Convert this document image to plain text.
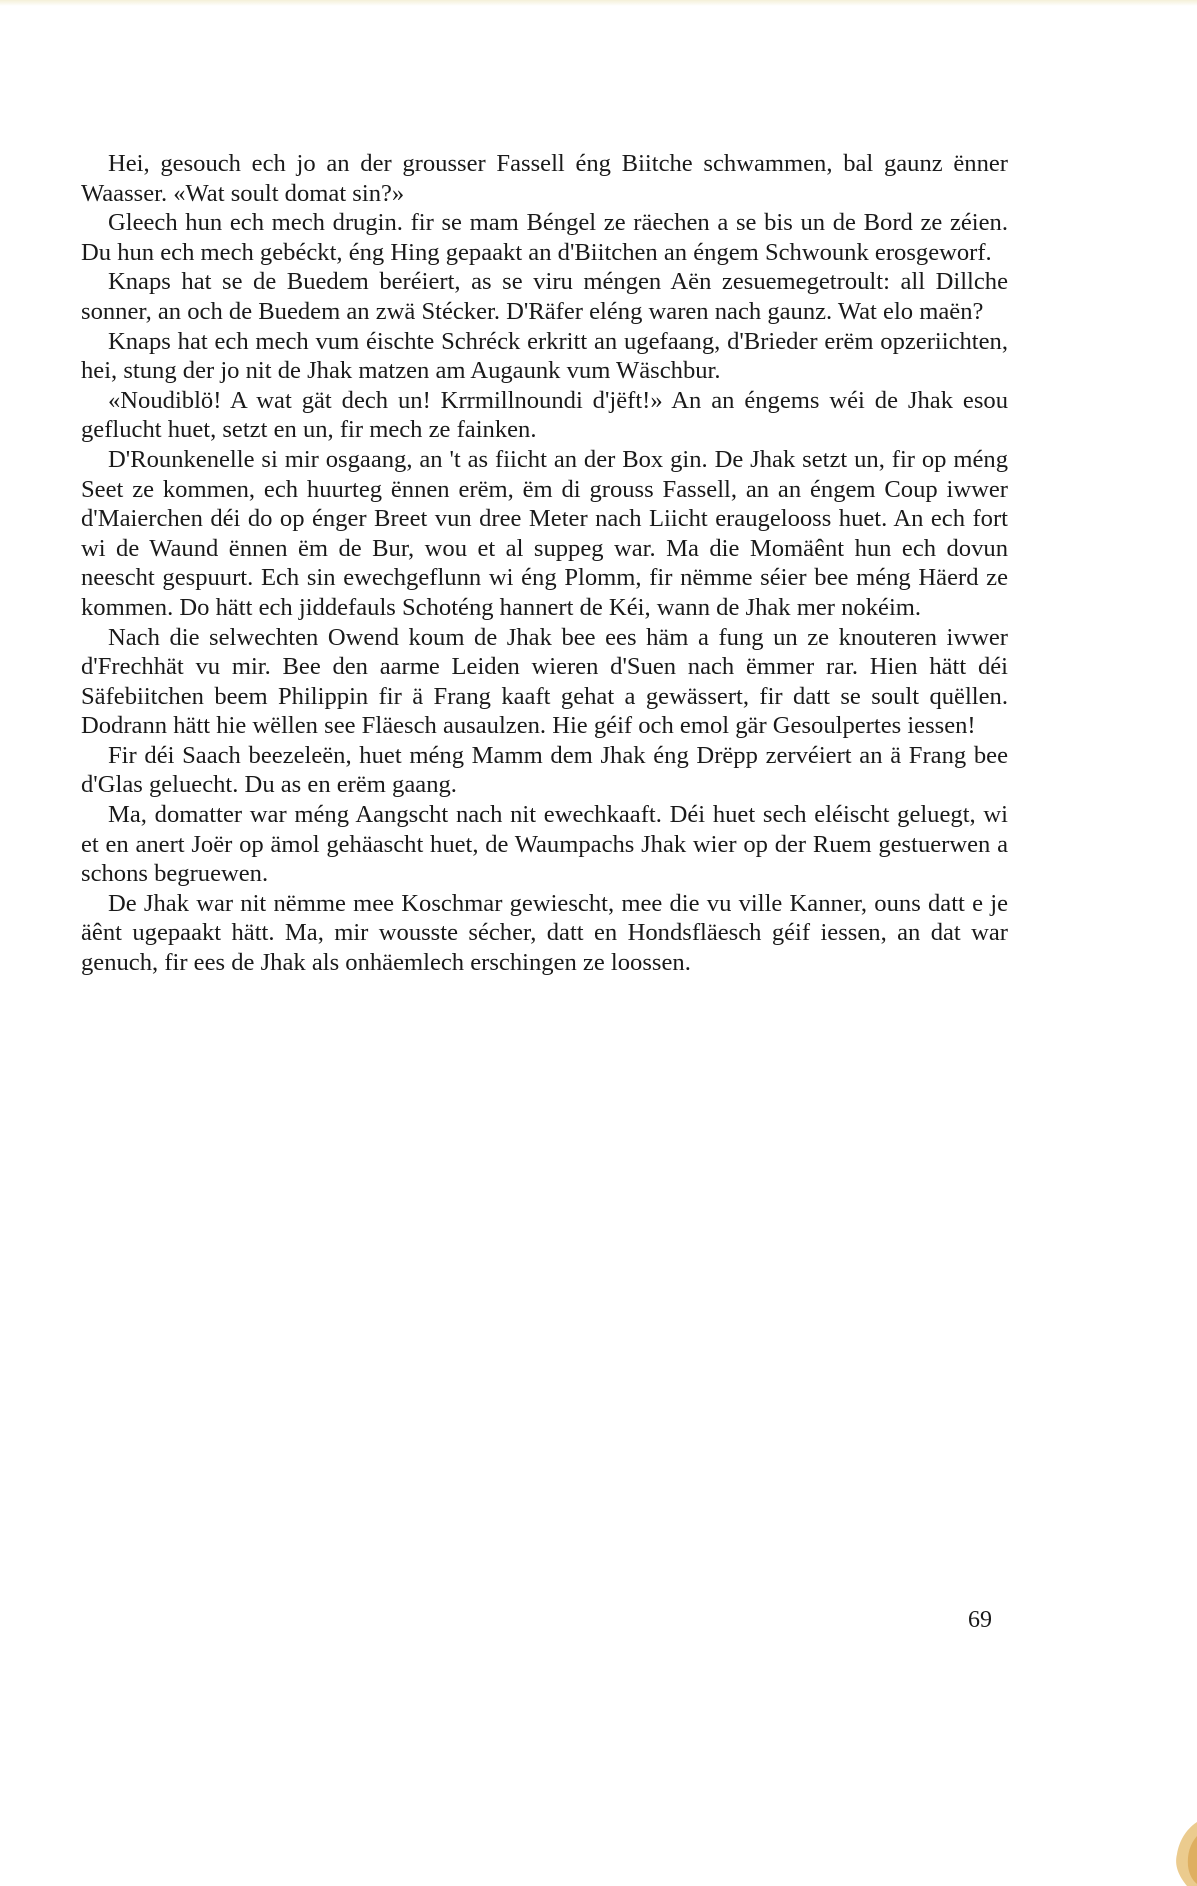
Hei, gesouch ech jo an der grousser Fassell éng Biitche schwammen, bal gaunz ënner Waasser. «Wat soult domat sin?»

Gleech hun ech mech drugin. fir se mam Béngel ze räechen a se bis un de Bord ze zéien. Du hun ech mech gebéckt, éng Hing gepaakt an d'Biitchen an éngem Schwounk erosgeworf.

Knaps hat se de Buedem beréiert, as se viru méngen Aën zesuemegetroult: all Dillche sonner, an och de Buedem an zwä Stécker. D'Räfer eléng waren nach gaunz. Wat elo maën?

Knaps hat ech mech vum éischte Schréck erkritt an ugefaang, d'Brieder erëm opzeriichten, hei, stung der jo nit de Jhak matzen am Augaunk vum Wäschbur.

«Noudiblö! A wat gät dech un! Krrmillnoundi d'jëft!» An an éngems wéi de Jhak esou geflucht huet, setzt en un, fir mech ze fainken.

D'Rounkenelle si mir osgaang, an 't as fiicht an der Box gin. De Jhak setzt un, fir op méng Seet ze kommen, ech huurteg ënnen erëm, ëm di grouss Fassell, an an éngem Coup iwwer d'Maierchen déi do op énger Breet vun dree Meter nach Liicht eraugelooss huet. An ech fort wi de Waund ënnen ëm de Bur, wou et al suppeg war. Ma die Momäênt hun ech dovun neescht gespuurt. Ech sin ewechgeflunn wi éng Plomm, fir nëmme séier bee méng Häerd ze kommen. Do hätt ech jiddefauls Schoténg hannert de Kéi, wann de Jhak mer nokéim.

Nach die selwechten Owend koum de Jhak bee ees häm a fung un ze knouteren iwwer d'Frechhät vu mir. Bee den aarme Leiden wieren d'Suen nach ëmmer rar. Hien hätt déi Säfebiitchen beem Philippin fir ä Frang kaaft gehat a gewässert, fir datt se soult quëllen. Dodrann hätt hie wëllen see Fläesch ausaulzen. Hie géif och emol gär Gesoulpertes iessen!

Fir déi Saach beezeleën, huet méng Mamm dem Jhak éng Drëpp zervéiert an ä Frang bee d'Glas geluecht. Du as en erëm gaang.

Ma, domatter war méng Aangscht nach nit ewechkaaft. Déi huet sech eléischt geluegt, wi et en anert Joër op ämol gehäascht huet, de Waumpachs Jhak wier op der Ruem gestuerwen a schons begruewen.

De Jhak war nit nëmme mee Koschmar gewiescht, mee die vu ville Kanner, ouns datt e je äênt ugepaakt hätt. Ma, mir wousste sécher, datt en Hondsfläesch géif iessen, an dat war genuch, fir ees de Jhak als onhäemlech erschingen ze loossen.

69
